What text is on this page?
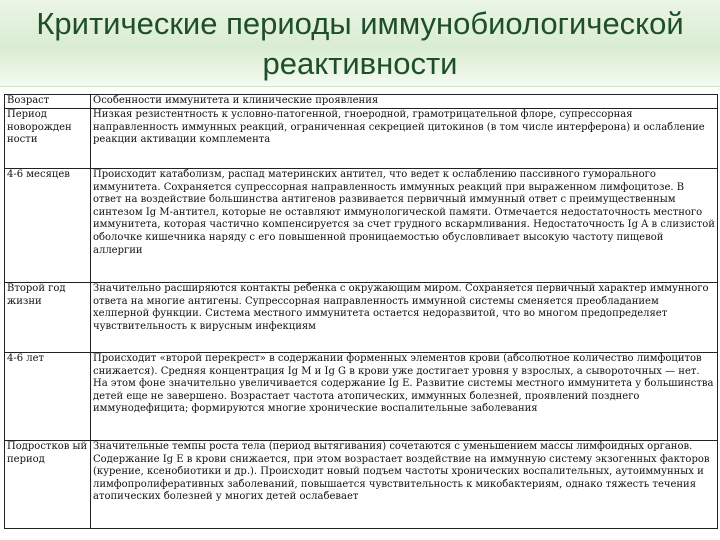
Критические периоды иммунобиологической
реактивности
Возраст	Особенности иммунитета и клинические проявления
Период новорожден ности	Низкая резистентность к условно-патогенной, гноеродной, грамотрицательной флоре, супрессорная направленность иммунных реакций, ограниченная секрецией цитокинов (в том числе интерферона) и ослабление реакции активации комплемента
4-6 месяцев	Происходит катаболизм, распад материнских антител, что ведет к ослаблению пассивного гуморального иммунитета. Сохраняется супрессорная направленность иммунных реакций при выраженном лимфоцитозе. В ответ на воздействие большинства антигенов развивается первичный иммунный ответ с преимущественным синтезом Ig M-антител, которые не оставляют иммунологической памяти. Отмечается недостаточность местного иммунитета, которая частично компенсируется за счет грудного вскармливания. Недостаточность Ig A в слизистой оболочке кишечника наряду с его повышенной проницаемостью обусловливает высокую частоту пищевой аллергии
Второй год жизни	Значительно расширяются контакты ребенка с окружающим миром. Сохраняется первичный характер иммунного ответа на многие антигены. Супрессорная направленность иммунной системы сменяется преобладанием хелперной функции. Система местного иммунитета остается недоразвитой, что во многом предопределяет чувствительность к вирусным инфекциям
4-6 лет	Происходит «второй перекрест» в содержании форменных элементов крови (абсолютное количество лимфоцитов снижается). Средняя концентрация Ig M и Ig G в крови уже достигает уровня у взрослых, а сывороточных — нет. На этом фоне значительно увеличивается содержание Ig E. Развитие системы местного иммунитета у большинства детей еще не завершено. Возрастает частота атопических, иммунных болезней, проявлений позднего иммунодефицита; формируются многие хронические воспалительные заболевания
Подростков ый период	Значительные темпы роста тела (период вытягивания) сочетаются с уменьшением массы лимфоидных органов. Содержание Ig E в крови снижается, при этом возрастает воздействие на иммунную систему экзогенных факторов (курение, ксенобиотики и др.). Происходит новый подъем частоты хронических воспалительных, аутоиммунных и лимфопролиферативных заболеваний, повышается чувствительность к микобактериям, однако тяжесть течения атопических болезней у многих детей ослабевает
